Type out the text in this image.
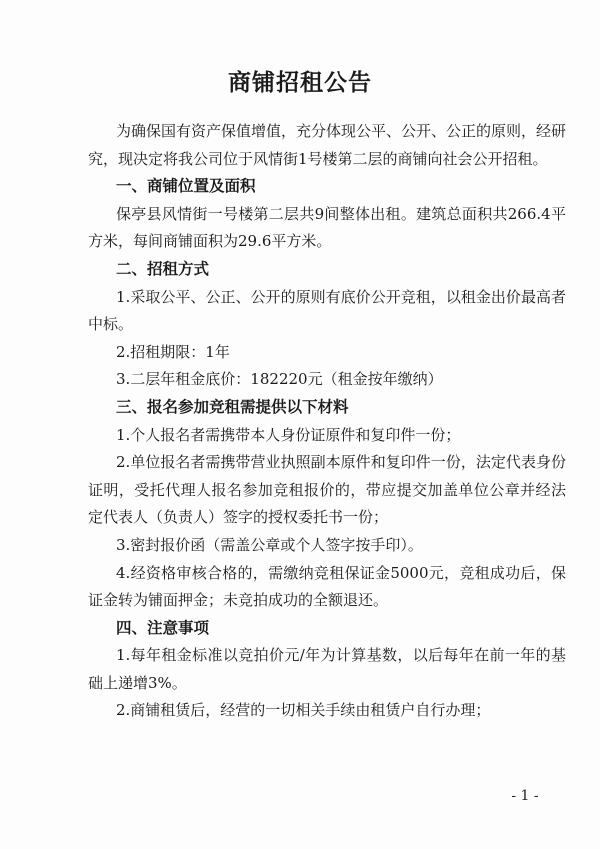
商铺招租公告

为确保国有资产保值增值，充分体现公平、公开、公正的原则，经研究，现决定将我公司位于风情街1号楼第二层的商铺向社会公开招租。

一、商铺位置及面积

保亭县风情街一号楼第二层共9间整体出租。建筑总面积共266.4平方米，每间商铺面积为29.6平方米。

二、招租方式

1.采取公平、公正、公开的原则有底价公开竞租，以租金出价最高者中标。

2.招租期限：1年

3.二层年租金底价：182220元（租金按年缴纳）

三、报名参加竞租需提供以下材料

1.个人报名者需携带本人身份证原件和复印件一份；

2.单位报名者需携带营业执照副本原件和复印件一份，法定代表身份证明，受托代理人报名参加竞租报价的，带应提交加盖单位公章并经法定代表人（负责人）签字的授权委托书一份；

3.密封报价函（需盖公章或个人签字按手印）。

4.经资格审核合格的，需缴纳竞租保证金5000元，竞租成功后，保证金转为铺面押金；未竞拍成功的全额退还。

四、注意事项

1.每年租金标准以竞拍价元/年为计算基数，以后每年在前一年的基础上递增3%。

2.商铺租赁后，经营的一切相关手续由租赁户自行办理；

- 1 -
